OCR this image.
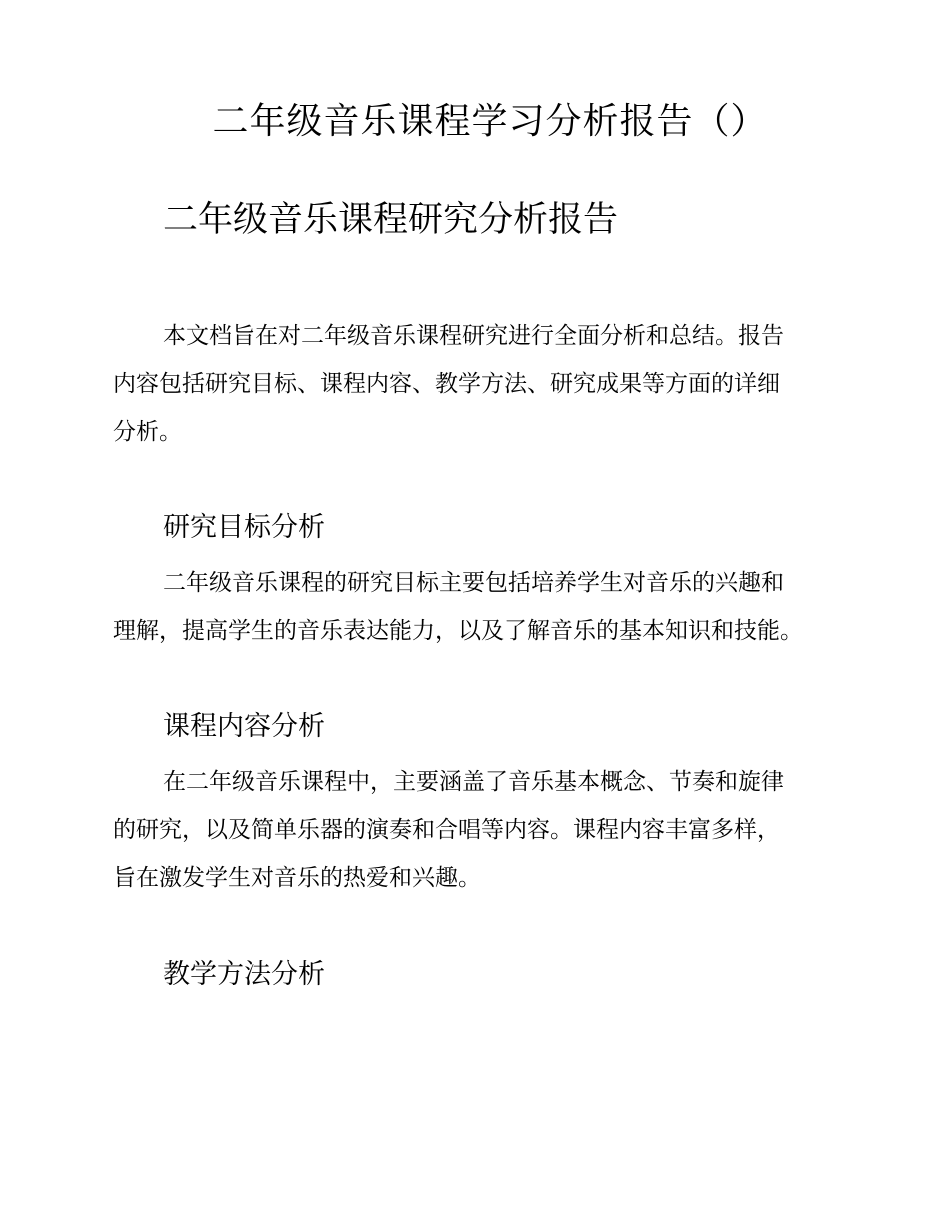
二年级音乐课程学习分析报告（）
二年级音乐课程研究分析报告
本文档旨在对二年级音乐课程研究进行全面分析和总结。报告
内容包括研究目标、课程内容、教学方法、研究成果等方面的详细
分析。
研究目标分析
二年级音乐课程的研究目标主要包括培养学生对音乐的兴趣和
理解，提高学生的音乐表达能力，以及了解音乐的基本知识和技能。
课程内容分析
在二年级音乐课程中，主要涵盖了音乐基本概念、节奏和旋律
的研究，以及简单乐器的演奏和合唱等内容。课程内容丰富多样，
旨在激发学生对音乐的热爱和兴趣。
教学方法分析
